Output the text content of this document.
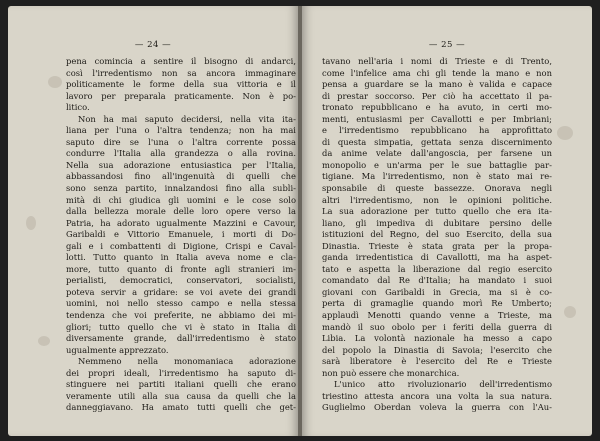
— 24 —
pena comincia a sentire il bisogno di andarci,
così l'irredentismo non sa ancora immaginare
politicamente le forme della sua vittoria e il
lavoro per preparala praticamente. Non è po-
litico.
Non ha mai saputo decidersi, nella vita ita-
liana per l'una o l'altra tendenza; non ha mai
saputo dire se l'una o l'altra corrente possa
condurre l'Italia alla grandezza o alla rovina.
Nella sua adorazione entusiastica per l'Italia,
abbassandosi fino all'ingenuità di quelli che
sono senza partito, innalzandosi fino alla subli-
mità di chi giudica gli uomini e le cose solo
dalla bellezza morale delle loro opere verso la
Patria, ha adorato ugualmente Mazzini e Cavour,
Garibaldi e Vittorio Emanuele, i morti di Do-
gali e i combattenti di Digione, Crispi e Caval-
lotti. Tutto quanto in Italia aveva nome e cla-
more, tutto quanto di fronte agli stranieri im-
perialisti, democratici, conservatori, socialisti,
poteva servir a gridare: se voi avete dei grandi
uomini, noi nello stesso campo e nella stessa
tendenza che voi preferite, ne abbiamo dei mi-
gliori; tutto quello che vi è stato in Italia di
diversamente grande, dall'irredentismo è stato
ugualmente apprezzato.
Nemmeno nella monomaniaca adorazione
dei propri ideali, l'irredentismo ha saputo di-
stinguere nei partiti italiani quelli che erano
veramente utili alla sua causa da quelli che la
danneggiavano. Ha amato tutti quelli che get-
— 25 —
tavano nell'aria i nomi di Trieste e di Trento,
come l'infelice ama chi gli tende la mano e non
pensa a guardare se la mano è valida e capace
di prestar soccorso. Per ciò ha accettato il pa-
tronato repubblicano e ha avuto, in certi mo-
menti, entusiasmi per Cavallotti e per Imbriani;
e l'irredentismo repubblicano ha approfittato
di questa simpatia, gettata senza discernimento
da anime velate dall'angoscia, per farsene un
monopolio e un'arma per le sue battaglie par-
tigiane. Ma l'irredentismo, non è stato mai re-
sponsabile di queste bassezze. Onorava negli
altri l'irredentismo, non le opinioni politiche.
La sua adorazione per tutto quello che era ita-
liano, gli impediva di dubitare persino delle
istituzioni del Regno, del suo Esercito, della sua
Dinastia. Trieste è stata grata per la propa-
ganda irredentistica di Cavallotti, ma ha aspet-
tato e aspetta la liberazione dal regio esercito
comandato dal Re d'Italia; ha mandato i suoi
giovani con Garibaldi in Grecia, ma si è co-
perta di gramaglie quando morì Re Umberto;
applaudì Menotti quando venne a Trieste, ma
mandò il suo obolo per i feriti della guerra di
Libia. La volontà nazionale ha messo a capo
del popolo la Dinastia di Savoia; l'esercito che
sarà liberatore è l'esercito del Re e Trieste
non può essere che monarchica.
L'unico atto rivoluzionario dell'irredentismo
triestino attesta ancora una volta la sua natura.
Guglielmo Oberdan voleva la guerra con l'Au-
